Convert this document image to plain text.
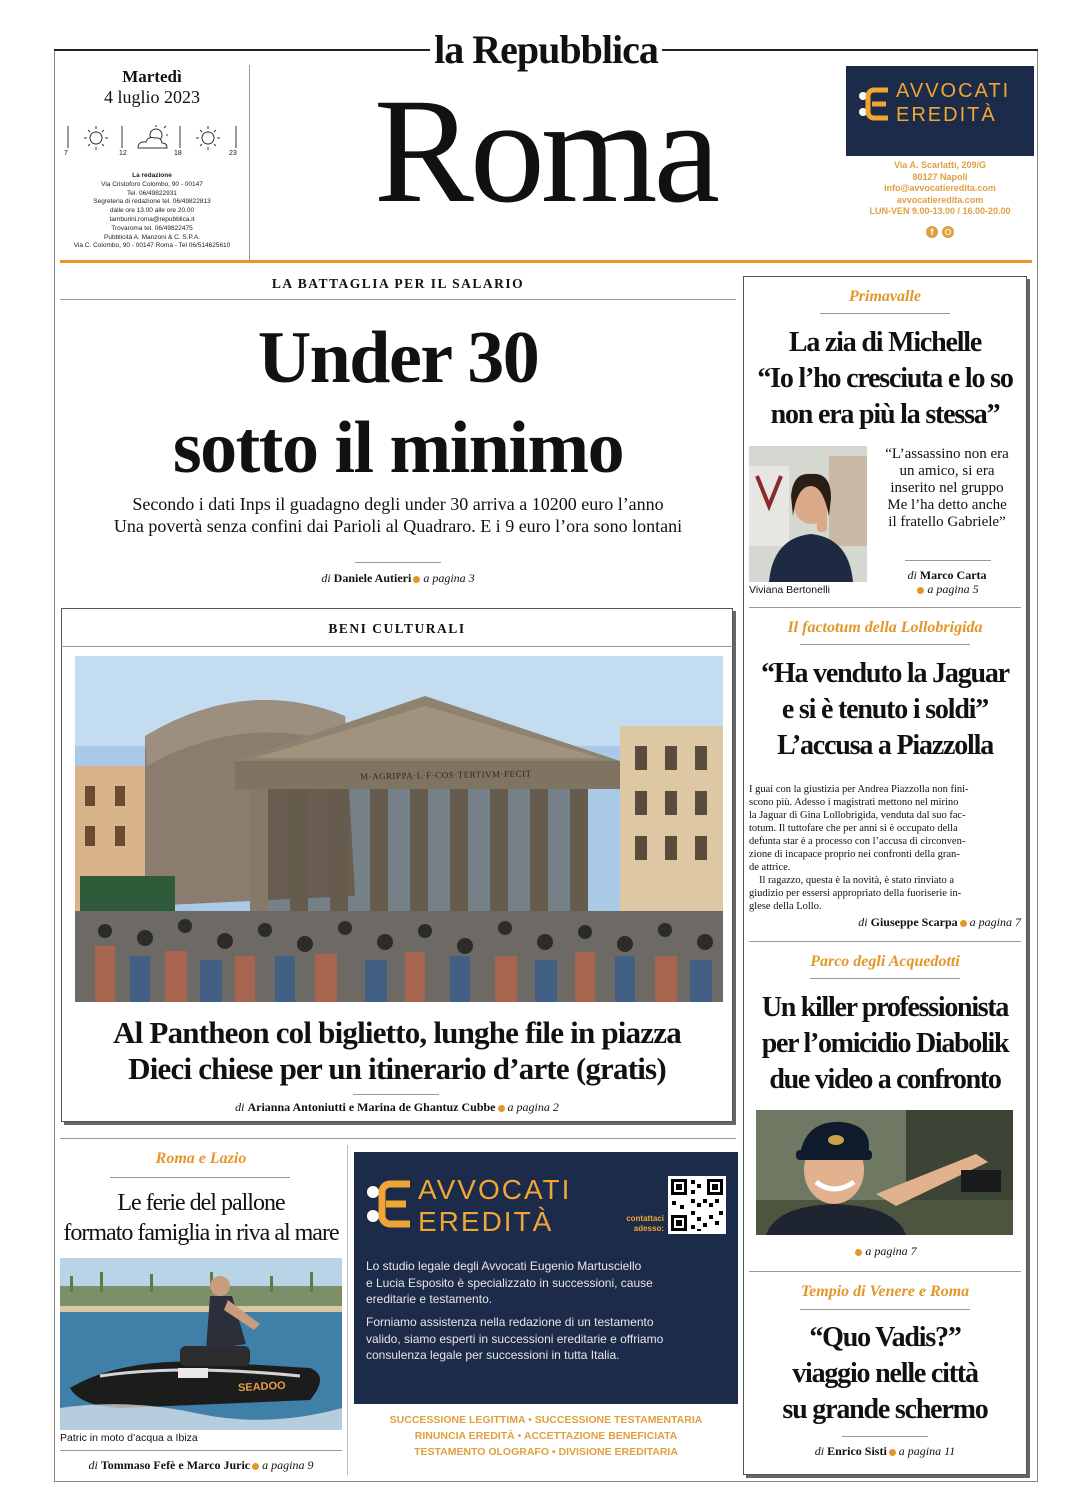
la Repubblica
Martedì
4 luglio 2023
7	12	18	23
La redazione
Via Cristoforo Colombo, 90 - 00147
Tel. 06/49822931
Segreteria di redazione tel. 06/49822813
dalle ore 13.00 alle ore 20.00
tamburini.roma@repubblica.it
Trovaroma tel. 06/49822475
Pubblicità A. Manzoni & C. S.P.A.
Via C. Colombo, 90 - 00147 Roma - Tel 06/514625610
Roma	AVVOCATI
EREDITÀ
Via A. Scarlatti, 209/G
80127 Napoli
info@avvocatieredita.com
avvocatieredita.com
LUN-VEN 9.00-13.00 / 16.00-20.00
f
LA BATTAGLIA PER IL SALARIO
Under 30
sotto il minimo
Secondo i dati Inps il guadagno degli under 30 arriva a 10200 euro l’anno
Una povertà senza confini dai Parioli al Quadraro. E i 9 euro l’ora sono lontani
di Daniele Autieri a pagina 3
BENI CULTURALI
M·AGRIPPA·L·F·COS·TERTIVM·FECIT
Al Pantheon col biglietto, lunghe file in piazza
Dieci chiese per un itinerario d’arte (gratis)
di Arianna Antoniutti e Marina de Ghantuz Cubbe a pagina 2
Primavalle
La zia di Michelle
“Io l’ho cresciuta e lo so
non era più la stessa”
Viviana Bertonelli
“L’assassino non era
un amico, si era
inserito nel gruppo
Me l’ha detto anche
il fratello Gabriele”
di Marco Carta
a pagina 5
Il factotum della Lollobrigida
“Ha venduto la Jaguar
e si è tenuto i soldi”
L’accusa a Piazzolla
I guai con la giustizia per Andrea Piazzolla non fini-
scono più. Adesso i magistrati mettono nel mirino
la Jaguar di Gina Lollobrigida, venduta dal suo fac-
totum. Il tuttofare che per anni si è occupato della
defunta star è a processo con l’accusa di circonven-
zione di incapace proprio nei confronti della gran-
de attrice.
Il ragazzo, questa è la novità, è stato rinviato a
giudizio per essersi appropriato della fuoriserie in-
glese della Lollo.
di Giuseppe Scarpa a pagina 7
Parco degli Acquedotti
Un killer professionista
per l’omicidio Diabolik
due video a confronto
a pagina 7
Tempio di Venere e Roma
“Quo Vadis?”
viaggio nelle città
su grande schermo
di Enrico Sisti a pagina 11
Roma e Lazio
Le ferie del pallone
formato famiglia in riva al mare
SEADOO
Patric in moto d’acqua a Ibiza
di Tommaso Fefè e Marco Juric a pagina 9
AVVOCATI
EREDITÀ	contattaci adesso:
Lo studio legale degli Avvocati Eugenio Martusciello
e Lucia Esposito è specializzato in successioni, cause
ereditarie e testamento.
Forniamo assistenza nella redazione di un testamento
valido, siamo esperti in successioni ereditarie e offriamo
consulenza legale per successioni in tutta Italia.
SUCCESSIONE LEGITTIMA • SUCCESSIONE TESTAMENTARIA
RINUNCIA EREDITÀ • ACCETTAZIONE BENEFICIATA
TESTAMENTO OLOGRAFO • DIVISIONE EREDITARIA
